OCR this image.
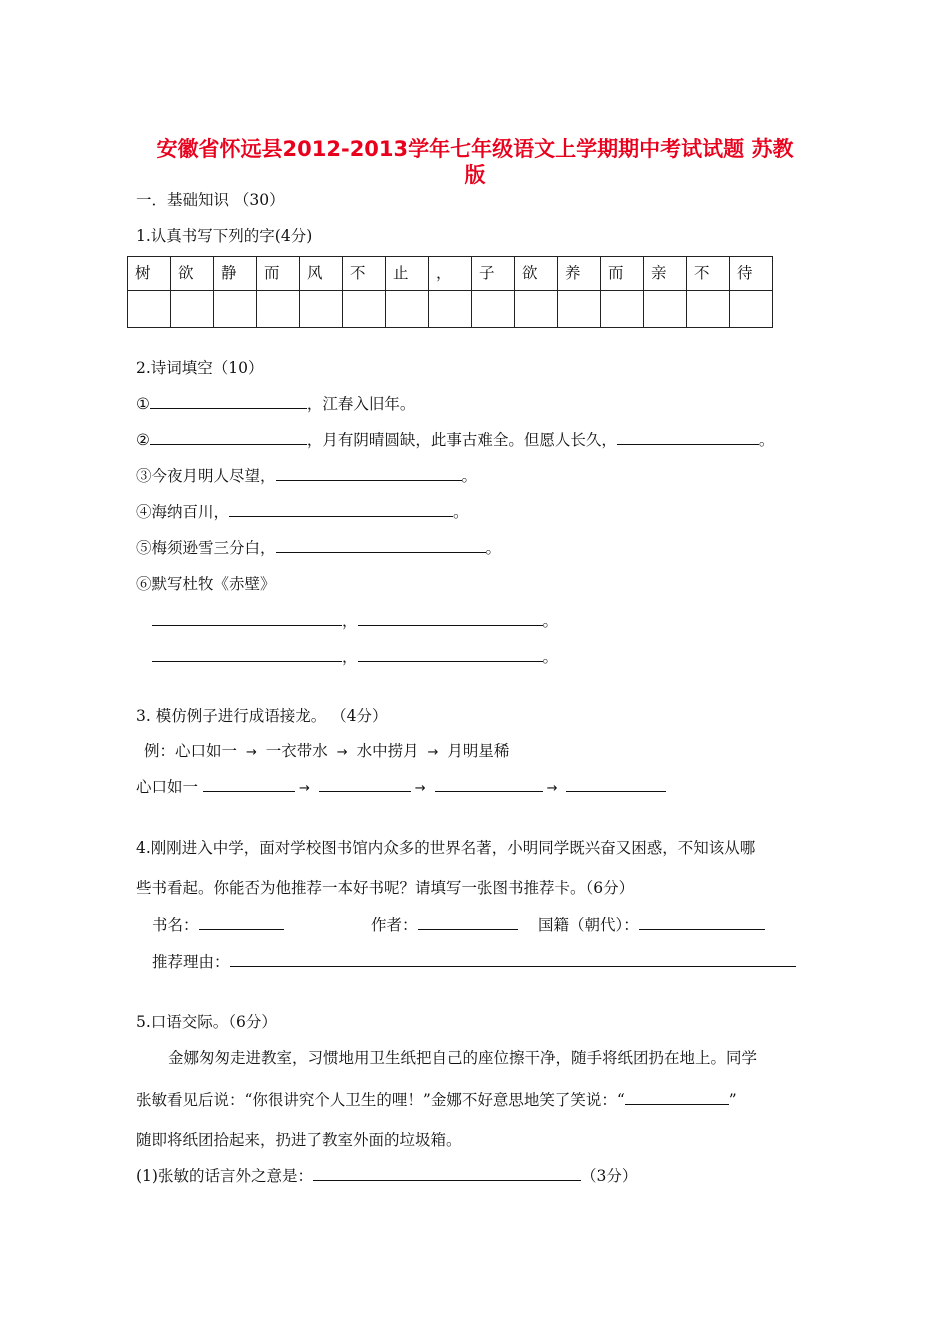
安徽省怀远县2012-2013学年七年级语文上学期期中考试试题 苏教
版
一．基础知识 （30）
1.认真书写下列的字(4分)
树	欲	静	而	风	不	止	，	子	欲	养	而	亲	不	待

2.诗词填空（10）
①	，江春入旧年。
②	，月有阴晴圆缺，此事古难全。但愿人长久，	。
③今夜月明人尽望，	。
④海纳百川，	。
⑤梅须逊雪三分白，	。
⑥默写杜牧《赤壁》
，	。
，	。
3. 模仿例子进行成语接龙。 （4分）
例：心口如一 → 一衣带水 → 水中捞月 → 月明星稀
心口如一	→	→	→
4.刚刚进入中学，面对学校图书馆内众多的世界名著，小明同学既兴奋又困惑，不知该从哪
些书看起。你能否为他推荐一本好书呢？请填写一张图书推荐卡。（6分）
书名：	作者：	国籍（朝代）：
推荐理由：
5.口语交际。（6分）
金娜匆匆走进教室，习惯地用卫生纸把自己的座位擦干净，随手将纸团扔在地上。同学
张敏看见后说：“你很讲究个人卫生的哩！”金娜不好意思地笑了笑说：“	”
随即将纸团拾起来，扔进了教室外面的垃圾箱。
(1)张敏的话言外之意是：	（3分）
